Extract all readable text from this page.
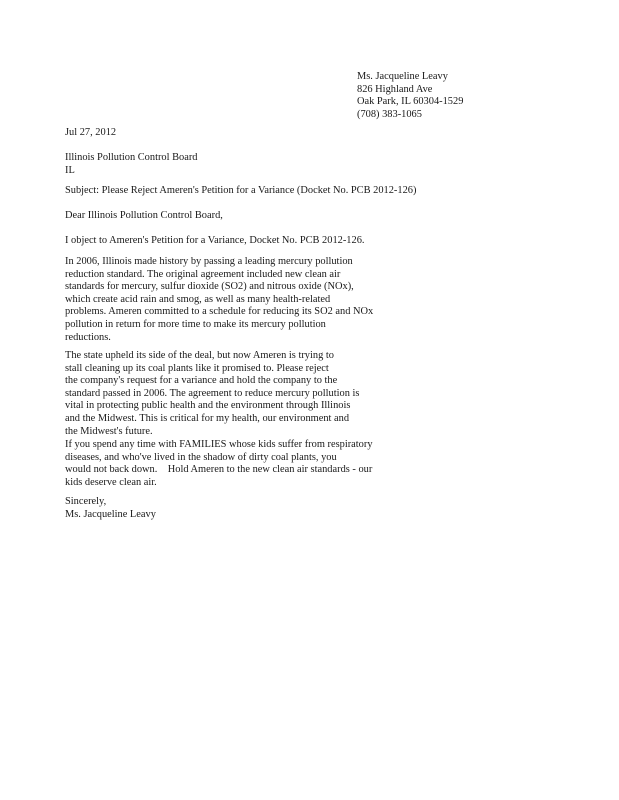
Ms. Jacqueline Leavy
826 Highland Ave
Oak Park, IL 60304-1529
(708) 383-1065
Jul 27, 2012
Illinois Pollution Control Board
IL
Subject: Please Reject Ameren's Petition for a Variance (Docket No. PCB 2012-126)
Dear Illinois Pollution Control Board,
I object to Ameren's Petition for a Variance, Docket No. PCB 2012-126.
In 2006, Illinois made history by passing a leading mercury pollution
reduction standard. The original agreement included new clean air
standards for mercury, sulfur dioxide (SO2) and nitrous oxide (NOx),
which create acid rain and smog, as well as many health-related
problems. Ameren committed to a schedule for reducing its SO2 and NOx
pollution in return for more time to make its mercury pollution
reductions.
The state upheld its side of the deal, but now Ameren is trying to
stall cleaning up its coal plants like it promised to. Please reject
the company's request for a variance and hold the company to the
standard passed in 2006. The agreement to reduce mercury pollution is
vital in protecting public health and the environment through Illinois
and the Midwest. This is critical for my health, our environment and
the Midwest's future.
If you spend any time with FAMILIES whose kids suffer from respiratory
diseases, and who've lived in the shadow of dirty coal plants, you
would not back down.    Hold Ameren to the new clean air standards - our
kids deserve clean air.
Sincerely,
Ms. Jacqueline Leavy
